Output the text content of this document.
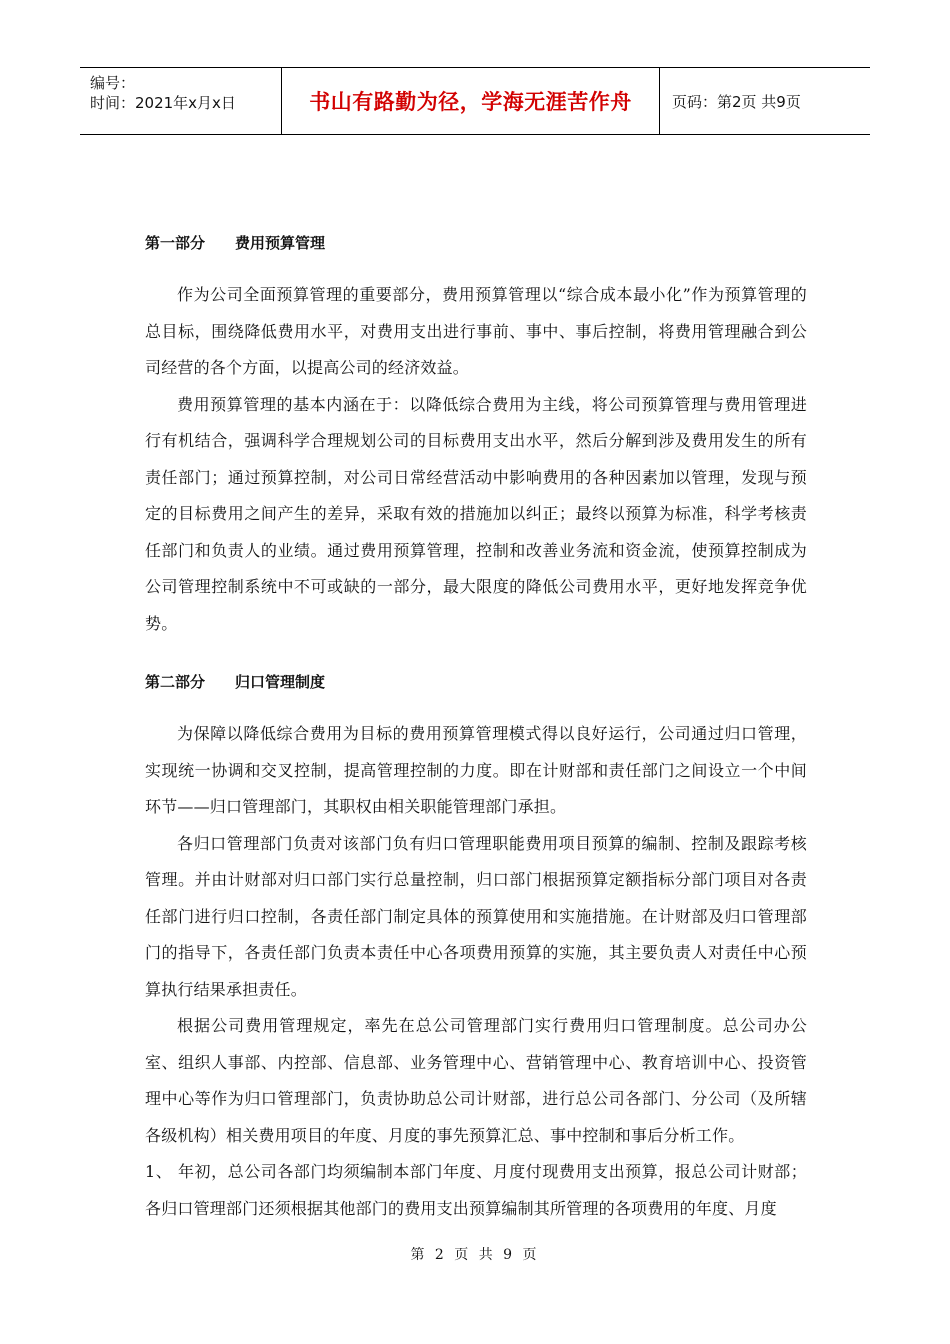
编号：
时间：2021年x月x日	书山有路勤为径，学海无涯苦作舟	页码：第2页 共9页

第一部分 费用预算管理

作为公司全面预算管理的重要部分，费用预算管理以“综合成本最小化”作为预算管理的总目标，围绕降低费用水平，对费用支出进行事前、事中、事后控制，将费用管理融合到公司经营的各个方面，以提高公司的经济效益。

费用预算管理的基本内涵在于：以降低综合费用为主线，将公司预算管理与费用管理进行有机结合，强调科学合理规划公司的目标费用支出水平，然后分解到涉及费用发生的所有责任部门；通过预算控制，对公司日常经营活动中影响费用的各种因素加以管理，发现与预定的目标费用之间产生的差异，采取有效的措施加以纠正；最终以预算为标准，科学考核责任部门和负责人的业绩。通过费用预算管理，控制和改善业务流和资金流，使预算控制成为公司管理控制系统中不可或缺的一部分，最大限度的降低公司费用水平，更好地发挥竞争优势。

第二部分 归口管理制度

为保障以降低综合费用为目标的费用预算管理模式得以良好运行，公司通过归口管理，实现统一协调和交叉控制，提高管理控制的力度。即在计财部和责任部门之间设立一个中间环节——归口管理部门，其职权由相关职能管理部门承担。

各归口管理部门负责对该部门负有归口管理职能费用项目预算的编制、控制及跟踪考核管理。并由计财部对归口部门实行总量控制，归口部门根据预算定额指标分部门项目对各责任部门进行归口控制，各责任部门制定具体的预算使用和实施措施。在计财部及归口管理部门的指导下，各责任部门负责本责任中心各项费用预算的实施，其主要负责人对责任中心预算执行结果承担责任。

根据公司费用管理规定，率先在总公司管理部门实行费用归口管理制度。总公司办公室、组织人事部、内控部、信息部、业务管理中心、营销管理中心、教育培训中心、投资管理中心等作为归口管理部门，负责协助总公司计财部，进行总公司各部门、分公司（及所辖各级机构）相关费用项目的年度、月度的事先预算汇总、事中控制和事后分析工作。

1、 年初，总公司各部门均须编制本部门年度、月度付现费用支出预算，报总公司计财部；各归口管理部门还须根据其他部门的费用支出预算编制其所管理的各项费用的年度、月度

第 2 页 共 9 页
